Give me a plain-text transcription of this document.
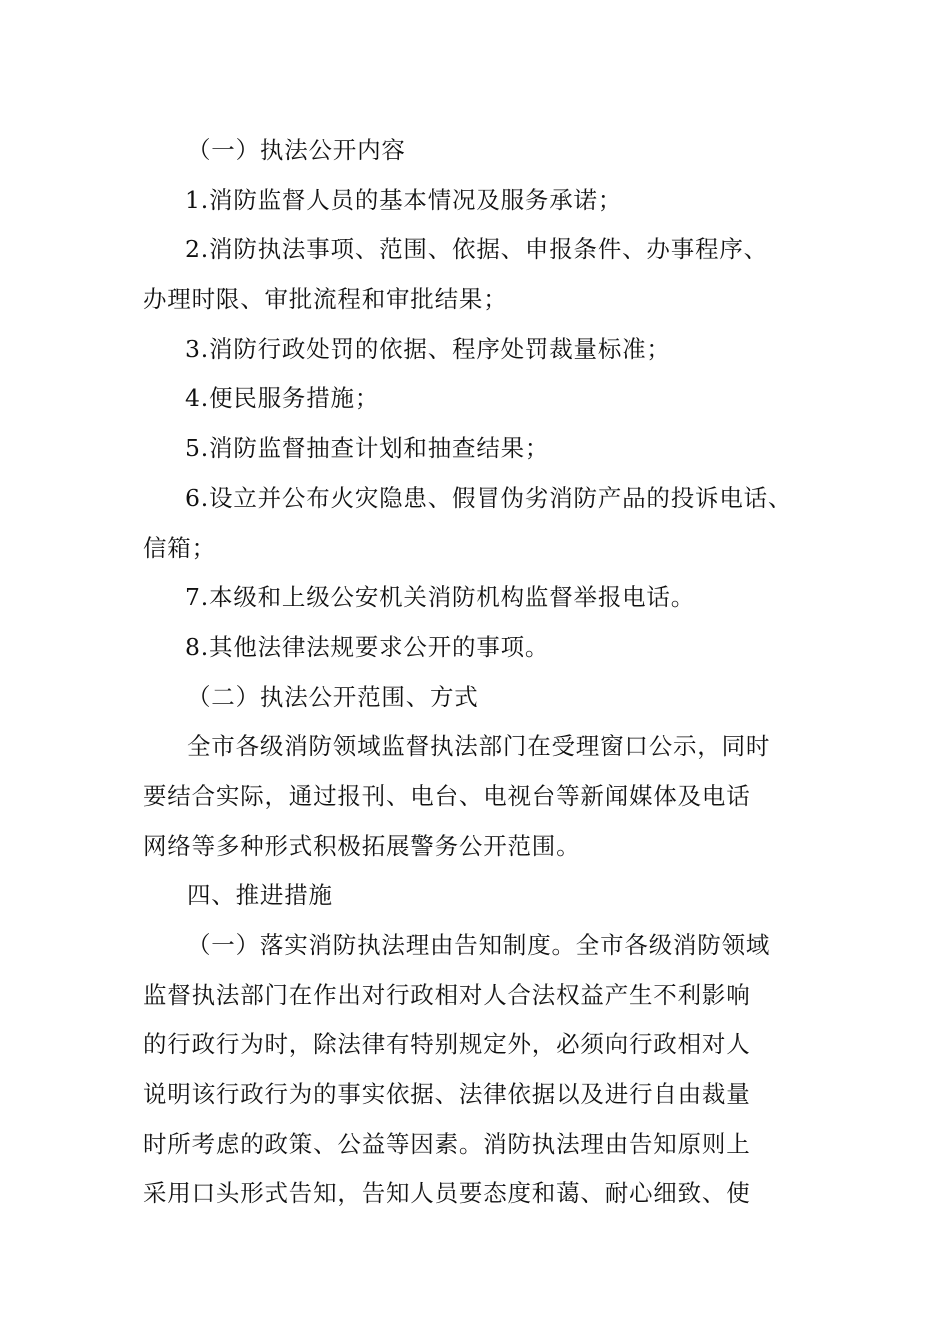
（一）执法公开内容
1.消防监督人员的基本情况及服务承诺；
2.消防执法事项、范围、依据、申报条件、办事程序、
办理时限、审批流程和审批结果；
3.消防行政处罚的依据、程序处罚裁量标准；
4.便民服务措施；
5.消防监督抽查计划和抽查结果；
6.设立并公布火灾隐患、假冒伪劣消防产品的投诉电话、
信箱；
7.本级和上级公安机关消防机构监督举报电话。
8.其他法律法规要求公开的事项。
（二）执法公开范围、方式
全市各级消防领域监督执法部门在受理窗口公示，同时
要结合实际，通过报刊、电台、电视台等新闻媒体及电话
网络等多种形式积极拓展警务公开范围。
四、推进措施
（一）落实消防执法理由告知制度。全市各级消防领域
监督执法部门在作出对行政相对人合法权益产生不利影响
的行政行为时，除法律有特别规定外，必须向行政相对人
说明该行政行为的事实依据、法律依据以及进行自由裁量
时所考虑的政策、公益等因素。消防执法理由告知原则上
采用口头形式告知，告知人员要态度和蔼、耐心细致、使
